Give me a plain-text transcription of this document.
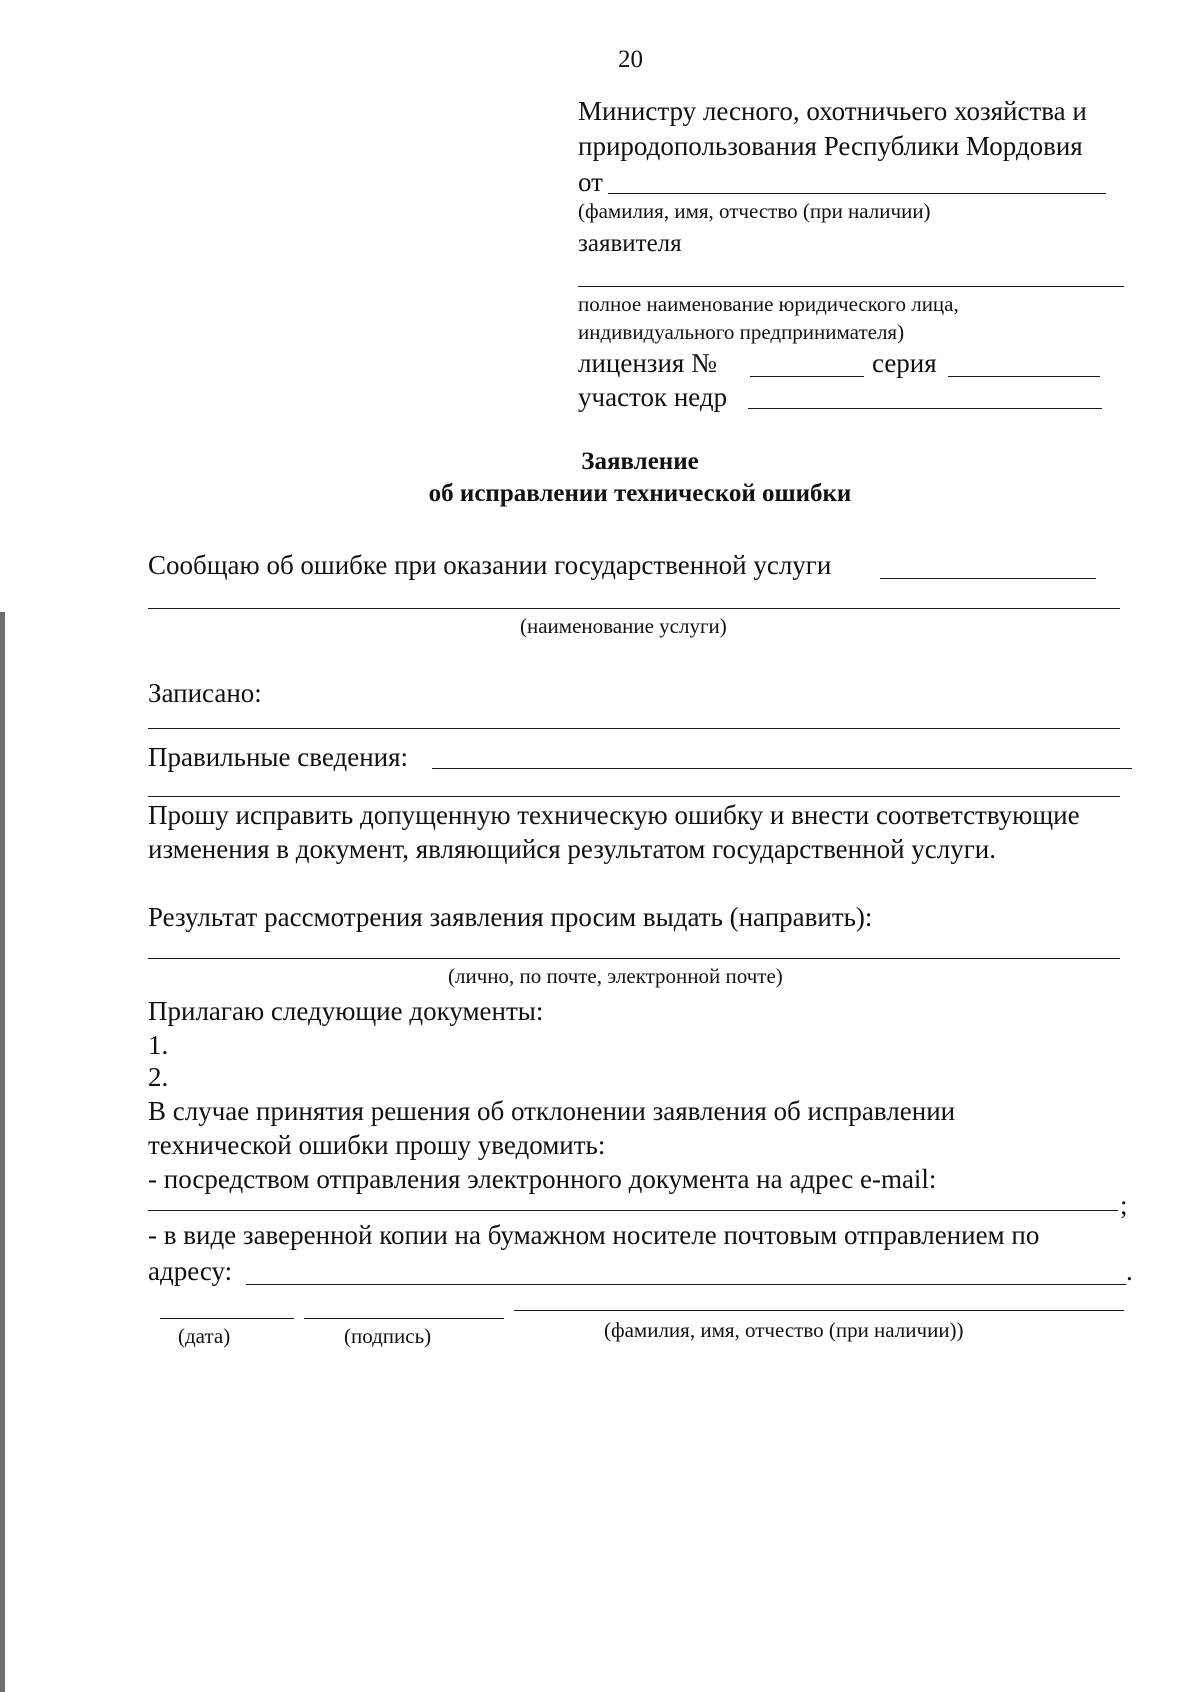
20
Министру лесного, охотничьего хозяйства и
природопользования Республики Мордовия
от
(фамилия, имя, отчество (при наличии)
заявителя
полное наименование юридического лица,
индивидуального предпринимателя)
лицензия №	серия
участок недр
Заявление
об исправлении технической ошибки
Сообщаю об ошибке при оказании государственной услуги
(наименование услуги)
Записано:
Правильные сведения:
Прошу исправить допущенную техническую ошибку и внести соответствующие
изменения в документ, являющийся результатом государственной услуги.
Результат рассмотрения заявления просим выдать (направить):
(лично, по почте, электронной почте)
Прилагаю следующие документы:
1.
2.
В случае принятия решения об отклонении заявления об исправлении
технической ошибки прошу уведомить:
- посредством отправления электронного документа на адрес e-mail:
;
- в виде заверенной копии на бумажном носителе почтовым отправлением по
адресу:	.
(дата)	(подпись)	(фамилия, имя, отчество (при наличии))
